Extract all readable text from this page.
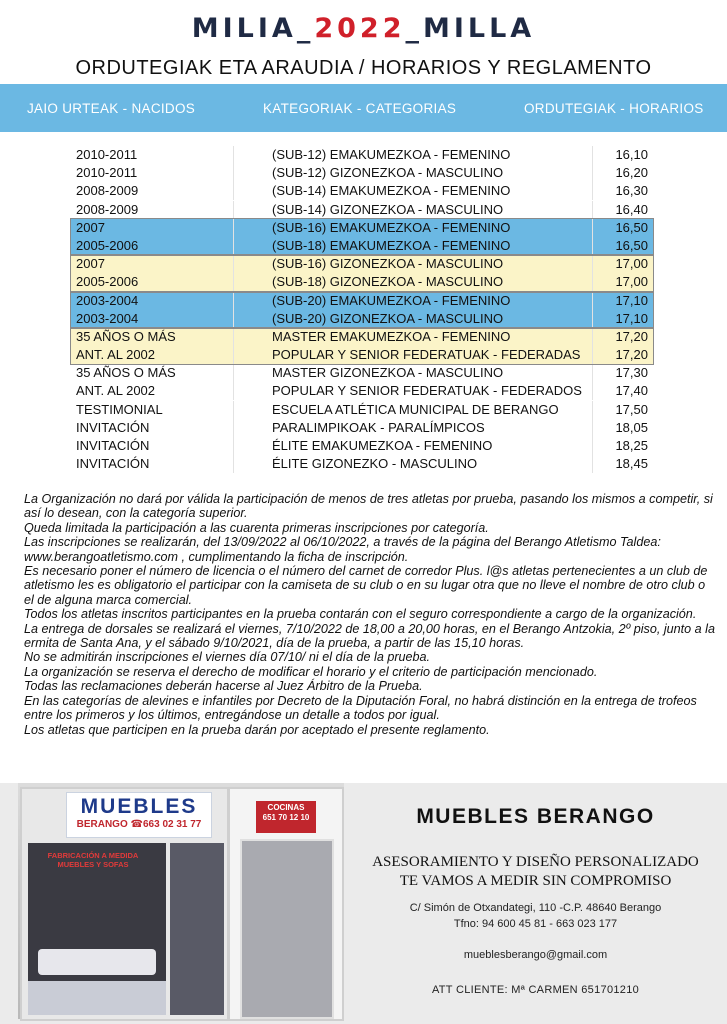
MILIA_2022_MILLA
ORDUTEGIAK ETA ARAUDIA / HORARIOS Y REGLAMENTO
JAIO URTEAK - NACIDOS	KATEGORIAK - CATEGORIAS	ORDUTEGIAK - HORARIOS
2010-2011	(SUB-12) EMAKUMEZKOA - FEMENINO	16,10
2010-2011	(SUB-12) GIZONEZKOA - MASCULINO	16,20
2008-2009	(SUB-14) EMAKUMEZKOA - FEMENINO	16,30
2008-2009	(SUB-14) GIZONEZKOA - MASCULINO	16,40
2007	(SUB-16) EMAKUMEZKOA - FEMENINO	16,50
2005-2006	(SUB-18) EMAKUMEZKOA - FEMENINO	16,50
2007	(SUB-16) GIZONEZKOA - MASCULINO	17,00
2005-2006	(SUB-18) GIZONEZKOA - MASCULINO	17,00
2003-2004	(SUB-20) EMAKUMEZKOA - FEMENINO	17,10
2003-2004	(SUB-20) GIZONEZKOA - MASCULINO	17,10
35 AÑOS O MÁS	MASTER EMAKUMEZKOA - FEMENINO	17,20
ANT. AL 2002	POPULAR Y SENIOR FEDERATUAK - FEDERADAS	17,20
35 AÑOS O MÁS	MASTER GIZONEZKOA - MASCULINO	17,30
ANT. AL 2002	POPULAR Y SENIOR FEDERATUAK - FEDERADOS	17,40
TESTIMONIAL	ESCUELA ATLÉTICA MUNICIPAL DE BERANGO	17,50
INVITACIÓN	PARALIMPIKOAK - PARALÍMPICOS	18,05
INVITACIÓN	ÉLITE EMAKUMEZKOA - FEMENINO	18,25
INVITACIÓN	ÉLITE GIZONEZKO - MASCULINO	18,45

La Organización no dará por válida la participación de menos de tres atletas por prueba, pasando los mismos a competir, si así lo desean, con la categoría superior.

Queda limitada la participación a las cuarenta primeras inscripciones por categoría.

Las inscripciones se realizarán, del 13/09/2022 al 06/10/2022, a través de la página del Berango Atletismo Taldea: www.berangoatletismo.com , cumplimentando la ficha de inscripción.

Es necesario poner el número de licencia o el número del carnet de corredor Plus. l@s atletas pertenecientes a un club de atletismo les es obligatorio el participar con la camiseta de su club o en su lugar otra que no lleve el nombre de otro club o el de alguna marca comercial.

Todos los atletas inscritos participantes en la prueba contarán con el seguro correspondiente a cargo de la organización.

La entrega de dorsales se realizará el viernes, 7/10/2022 de 18,00 a 20,00 horas, en el Berango Antzokia, 2º piso, junto a la ermita de Santa Ana, y el sábado 9/10/2021, día de la prueba, a partir de las 15,10 horas.

No se admitirán inscripciones el viernes día 07/10/ ni el día de la prueba.

La organización se reserva el derecho de modificar el horario y el criterio de participación mencionado.

Todas las reclamaciones deberán hacerse al Juez Árbitro de la Prueba.

En las categorías de alevines e infantiles por Decreto de la Diputación Foral, no habrá distinción en la entrega de trofeos entre los primeros y los últimos, entregándose un detalle a todos por igual.

Los atletas que participen en la prueba darán por aceptado el presente reglamento.

MUEBLES
BERANGO ☎663 02 31 77
FABRICACIÓN A MEDIDA MUEBLES Y SOFAS
COCINAS
651 70 12 10	MUEBLES BERANGO
ASESORAMIENTO Y DISEÑO PERSONALIZADO
TE VAMOS A MEDIR SIN COMPROMISO
C/ Simón de Otxandategi, 110 -C.P. 48640 Berango
Tfno: 94 600 45 81 - 663 023 177
mueblesberango@gmail.com
ATT CLIENTE: Mª CARMEN 651701210
